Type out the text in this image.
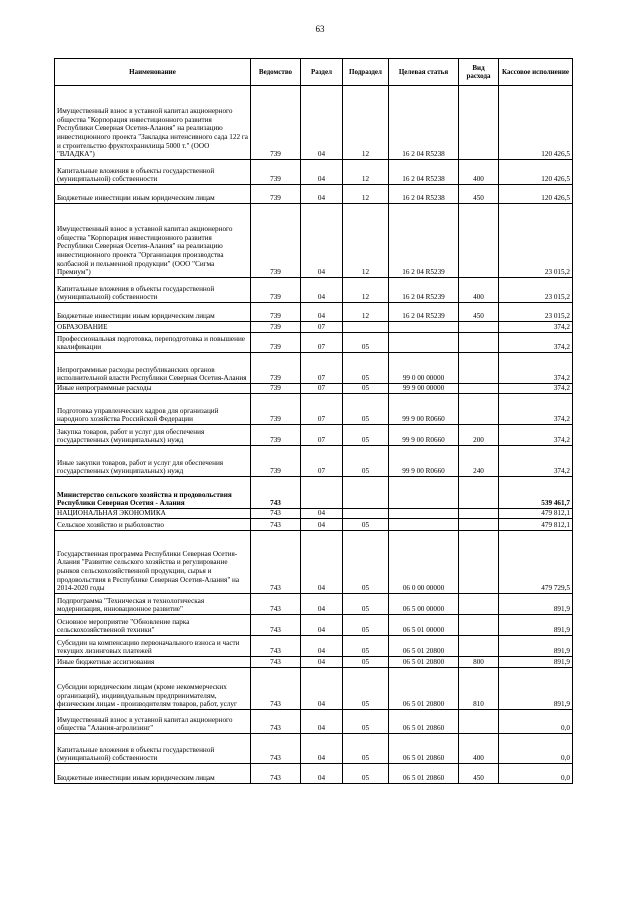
63
Наименование	Ведомство	Раздел	Подраздел	Целевая статья	Вид расхода	Кассовое исполнение
Имущественный взнос в уставной капитал акционерного общества "Корпорация инвестиционного развития Республики Северная Осетия-Алания" на реализацию инвестиционного проекта "Закладка интенсивного сада 122 га и строительство фруктохранилища 5000 т." (ООО "ВЛАДКА")	739	04	12	16 2 04 R5238		120 426,5
Капитальные вложения в объекты государственной (муниципальной) собственности	739	04	12	16 2 04 R5238	400	120 426,5
Бюджетные инвестиции иным юридическим лицам	739	04	12	16 2 04 R5238	450	120 426,5
Имущественный взнос в уставной капитал акционерного общества "Корпорация инвестиционного развития Республики Северная Осетия-Алания" на реализацию инвестиционного проекта "Организация производства колбасной и пельменной продукции" (ООО "Сигма Премиум")	739	04	12	16 2 04 R5239		23 015,2
Капитальные вложения в объекты государственной (муниципальной) собственности	739	04	12	16 2 04 R5239	400	23 015,2
Бюджетные инвестиции иным юридическим лицам	739	04	12	16 2 04 R5239	450	23 015,2
ОБРАЗОВАНИЕ	739	07				374,2
Профессиональная подготовка, переподготовка и повышение квалификации	739	07	05			374,2
Непрограммные расходы республиканских органов исполнительной власти Республики Северная Осетия-Алания	739	07	05	99 0 00 00000		374,2
Иные непрограммные расходы	739	07	05	99 9 00 00000		374,2
Подготовка управленческих кадров для организаций народного хозяйства Российской Федерации	739	07	05	99 9 00 R0660		374,2
Закупка товаров, работ и услуг для обеспечения государственных (муниципальных) нужд	739	07	05	99 9 00 R0660	200	374,2
Иные закупки товаров, работ и услуг для обеспечения государственных (муниципальных) нужд	739	07	05	99 9 00 R0660	240	374,2
Министерство сельского хозяйства и продовольствия Республики Северная Осетия - Алания	743					539 461,7
НАЦИОНАЛЬНАЯ ЭКОНОМИКА	743	04				479 812,1
Сельское хозяйство и рыболовство	743	04	05			479 812,1
Государственная программа Республики Северная Осетия-Алания "Развитие сельского хозяйства и регулирование рынков сельскохозяйственной продукции, сырья и продовольствия в Республике Северная Осетия-Алания" на 2014-2020 годы	743	04	05	06 0 00 00000		479 729,5
Подпрограмма "Техническая и технологическая модернизация, инновационное развитие"	743	04	05	06 5 00 00000		891,9
Основное мероприятие "Обновление парка сельскохозяйственной техники"	743	04	05	06 5 01 00000		891,9
Субсидии на компенсацию первоначального взноса и части текущих лизинговых платежей	743	04	05	06 5 01 20800		891,9
Иные бюджетные ассигнования	743	04	05	06 5 01 20800	800	891,9
Субсидии юридическим лицам (кроме некоммерческих организаций), индивидуальным предпринимателям, физическим лицам - производителям товаров, работ, услуг	743	04	05	06 5 01 20800	810	891,9
Имущественный взнос в уставной капитал акционерного общества "Алания-агролизинг"	743	04	05	06 5 01 20860		0,0
Капитальные вложения в объекты государственной (муниципальной) собственности	743	04	05	06 5 01 20860	400	0,0
Бюджетные инвестиции иным юридическим лицам	743	04	05	06 5 01 20860	450	0,0
